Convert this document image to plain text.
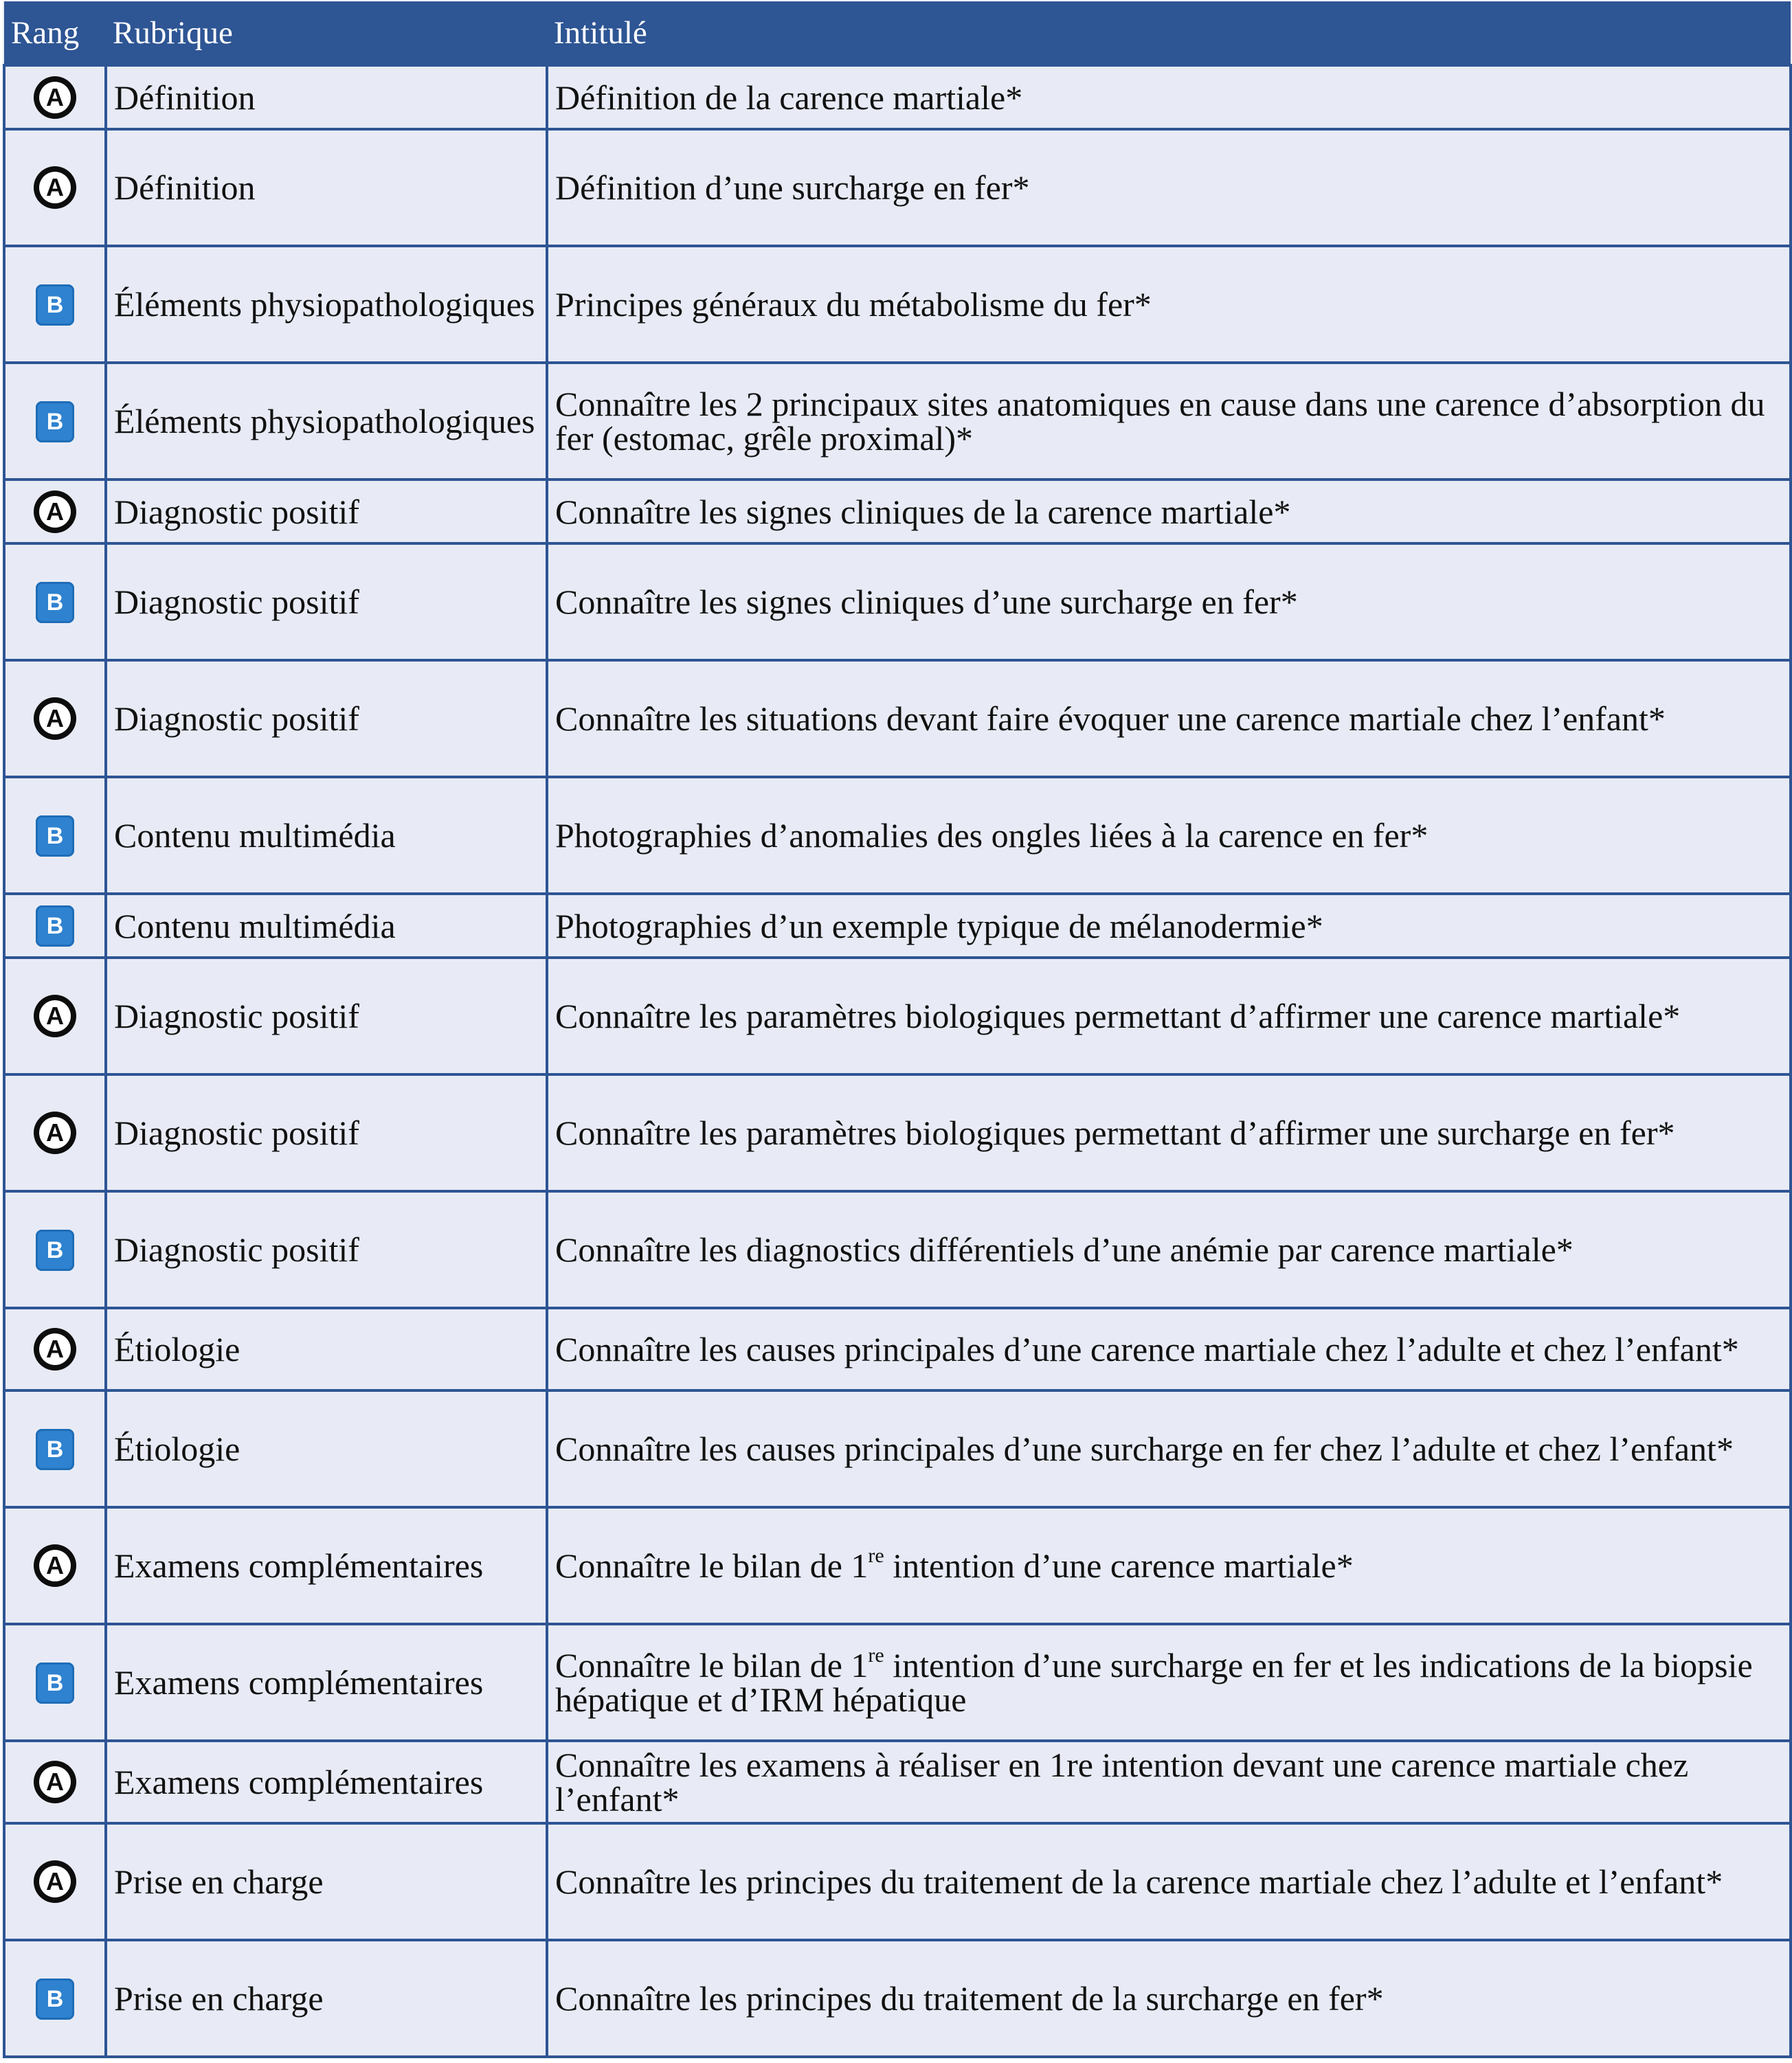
Rang	Rubrique	Intitulé

A	Définition	Définition de la carence martiale*

A	Définition	Définition d’une surcharge en fer*
B	Éléments physiopathologiques	Principes généraux du métabolisme du fer*
B	Éléments physiopathologiques	Connaître les 2 principaux sites anatomiques en cause dans une carence d’absorption du fer (estomac, grêle proximal)*

A	Diagnostic positif	Connaître les signes cliniques de la carence martiale*
B	Diagnostic positif	Connaître les signes cliniques d’une surcharge en fer*

A	Diagnostic positif	Connaître les situations devant faire évoquer une carence martiale chez l’enfant*
B	Contenu multimédia	Photographies d’anomalies des ongles liées à la carence en fer*
B	Contenu multimédia	Photographies d’un exemple typique de mélanodermie*

A	Diagnostic positif	Connaître les paramètres biologiques permettant d’affirmer une carence martiale*

A	Diagnostic positif	Connaître les paramètres biologiques permettant d’affirmer une surcharge en fer*
B	Diagnostic positif	Connaître les diagnostics différentiels d’une anémie par carence martiale*

A	Étiologie	Connaître les causes principales d’une carence martiale chez l’adulte et chez l’enfant*
B	Étiologie	Connaître les causes principales d’une surcharge en fer chez l’adulte et chez l’enfant*

A	Examens complémentaires	Connaître le bilan de 1re intention d’une carence martiale*
B	Examens complémentaires	Connaître le bilan de 1re intention d’une surcharge en fer et les indications de la biopsie hépatique et d’IRM hépatique

A	Examens complémentaires	Connaître les examens à réaliser en 1re intention devant une carence martiale chez l’enfant*

A	Prise en charge	Connaître les principes du traitement de la carence martiale chez l’adulte et l’enfant*
B	Prise en charge	Connaître les principes du traitement de la surcharge en fer*
